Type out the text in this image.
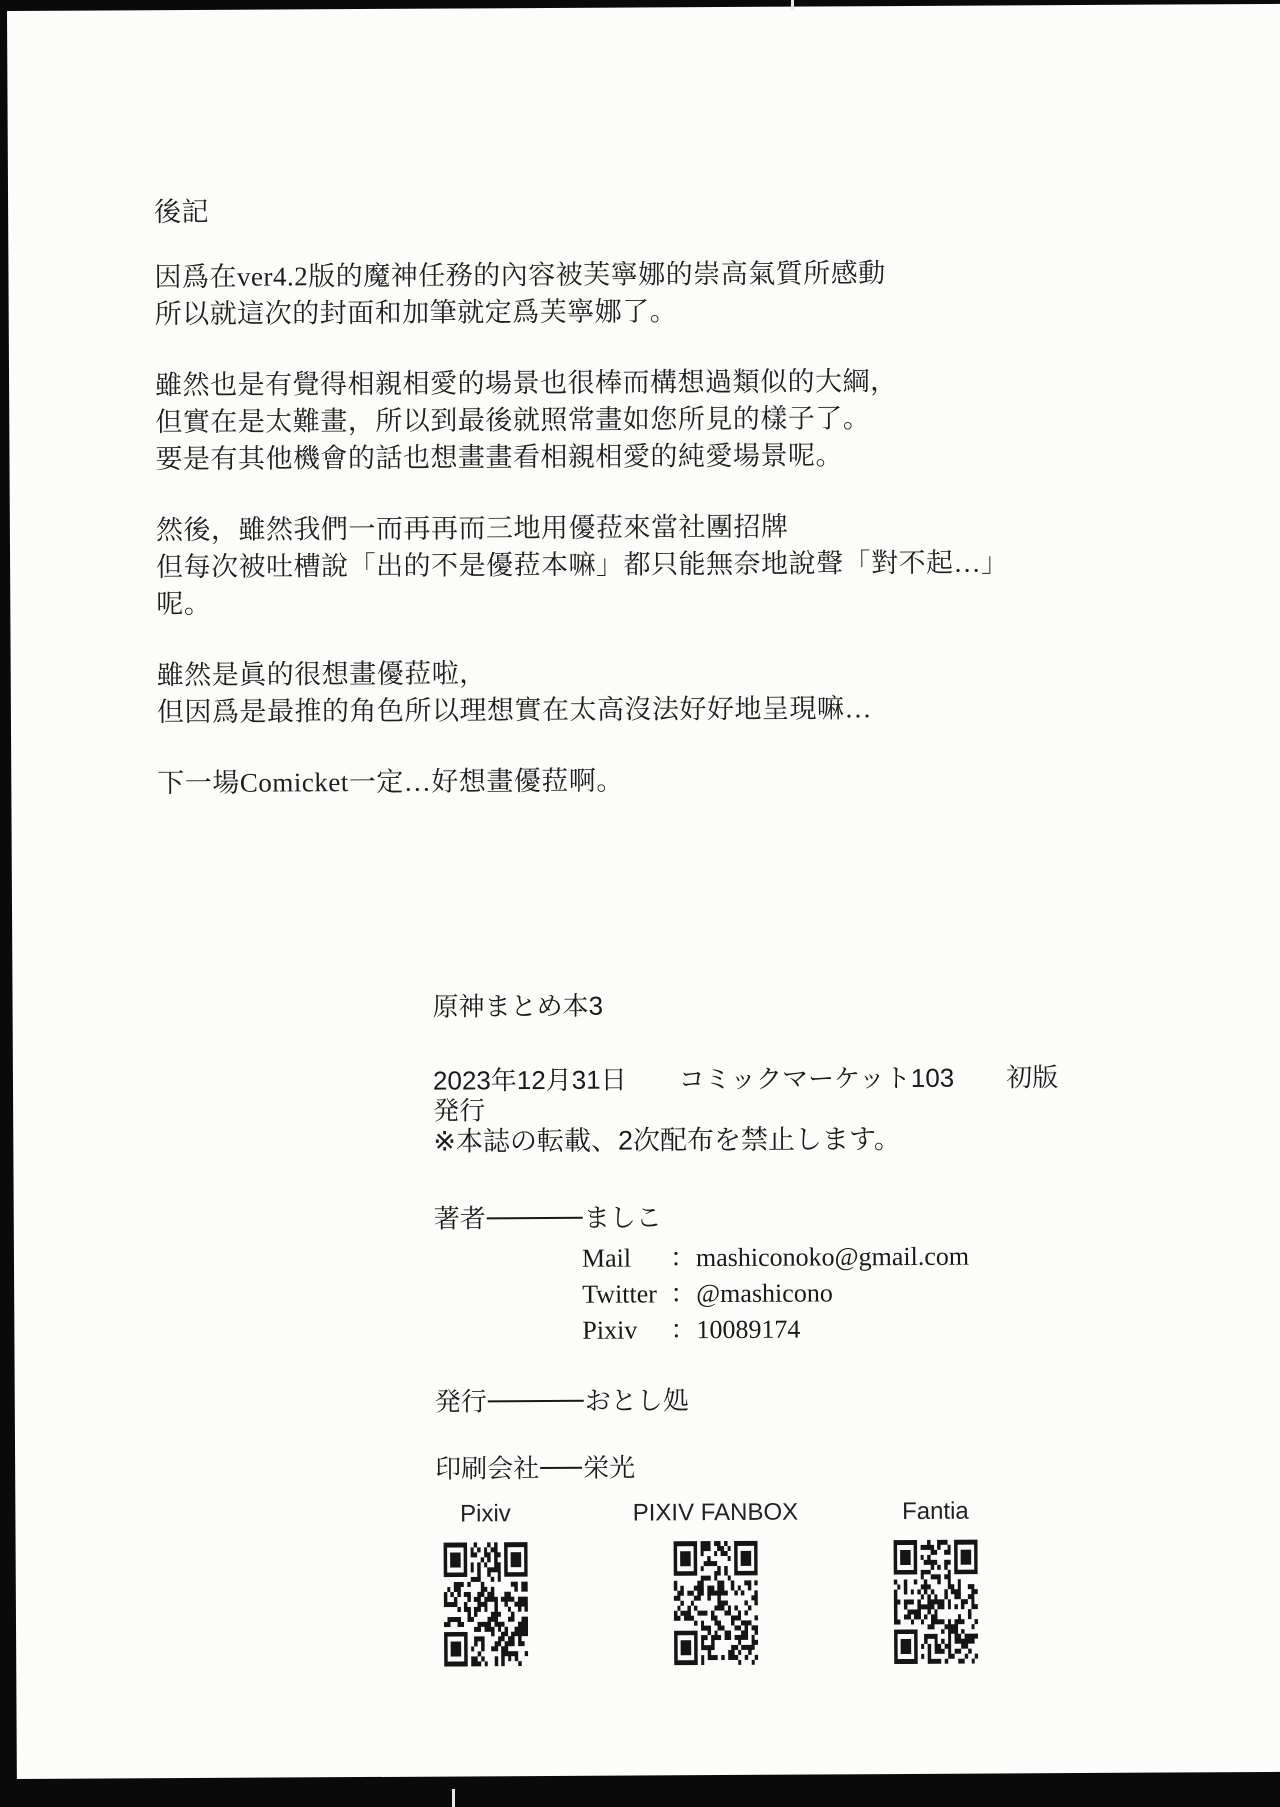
後記
因爲在ver4.2版的魔神任務的內容被芙寧娜的崇高氣質所感動
所以就這次的封面和加筆就定爲芙寧娜了。
雖然也是有覺得相親相愛的場景也很棒而構想過類似的大綱，
但實在是太難畫，所以到最後就照常畫如您所見的樣子了。
要是有其他機會的話也想畫畫看相親相愛的純愛場景呢。
然後，雖然我們一而再再而三地用優菈來當社團招牌
但每次被吐槽說「出的不是優菈本嘛」都只能無奈地說聲「對不起…」呢。
雖然是眞的很想畫優菈啦，
但因爲是最推的角色所以理想實在太高沒法好好地呈現嘛…
下一場Comicket一定…好想畫優菈啊。
原神まとめ本3
2023年12月31日　　コミックマーケット103　　初版発行
※本誌の転載、2次配布を禁止します。
著者	ましこ
Mail ：mashiconoko@gmail.com
Twitter ：@mashicono
Pixiv ：10089174
発行	おとし処
印刷会社 栄光
Pixiv	PIXIV FANBOX	Fantia
